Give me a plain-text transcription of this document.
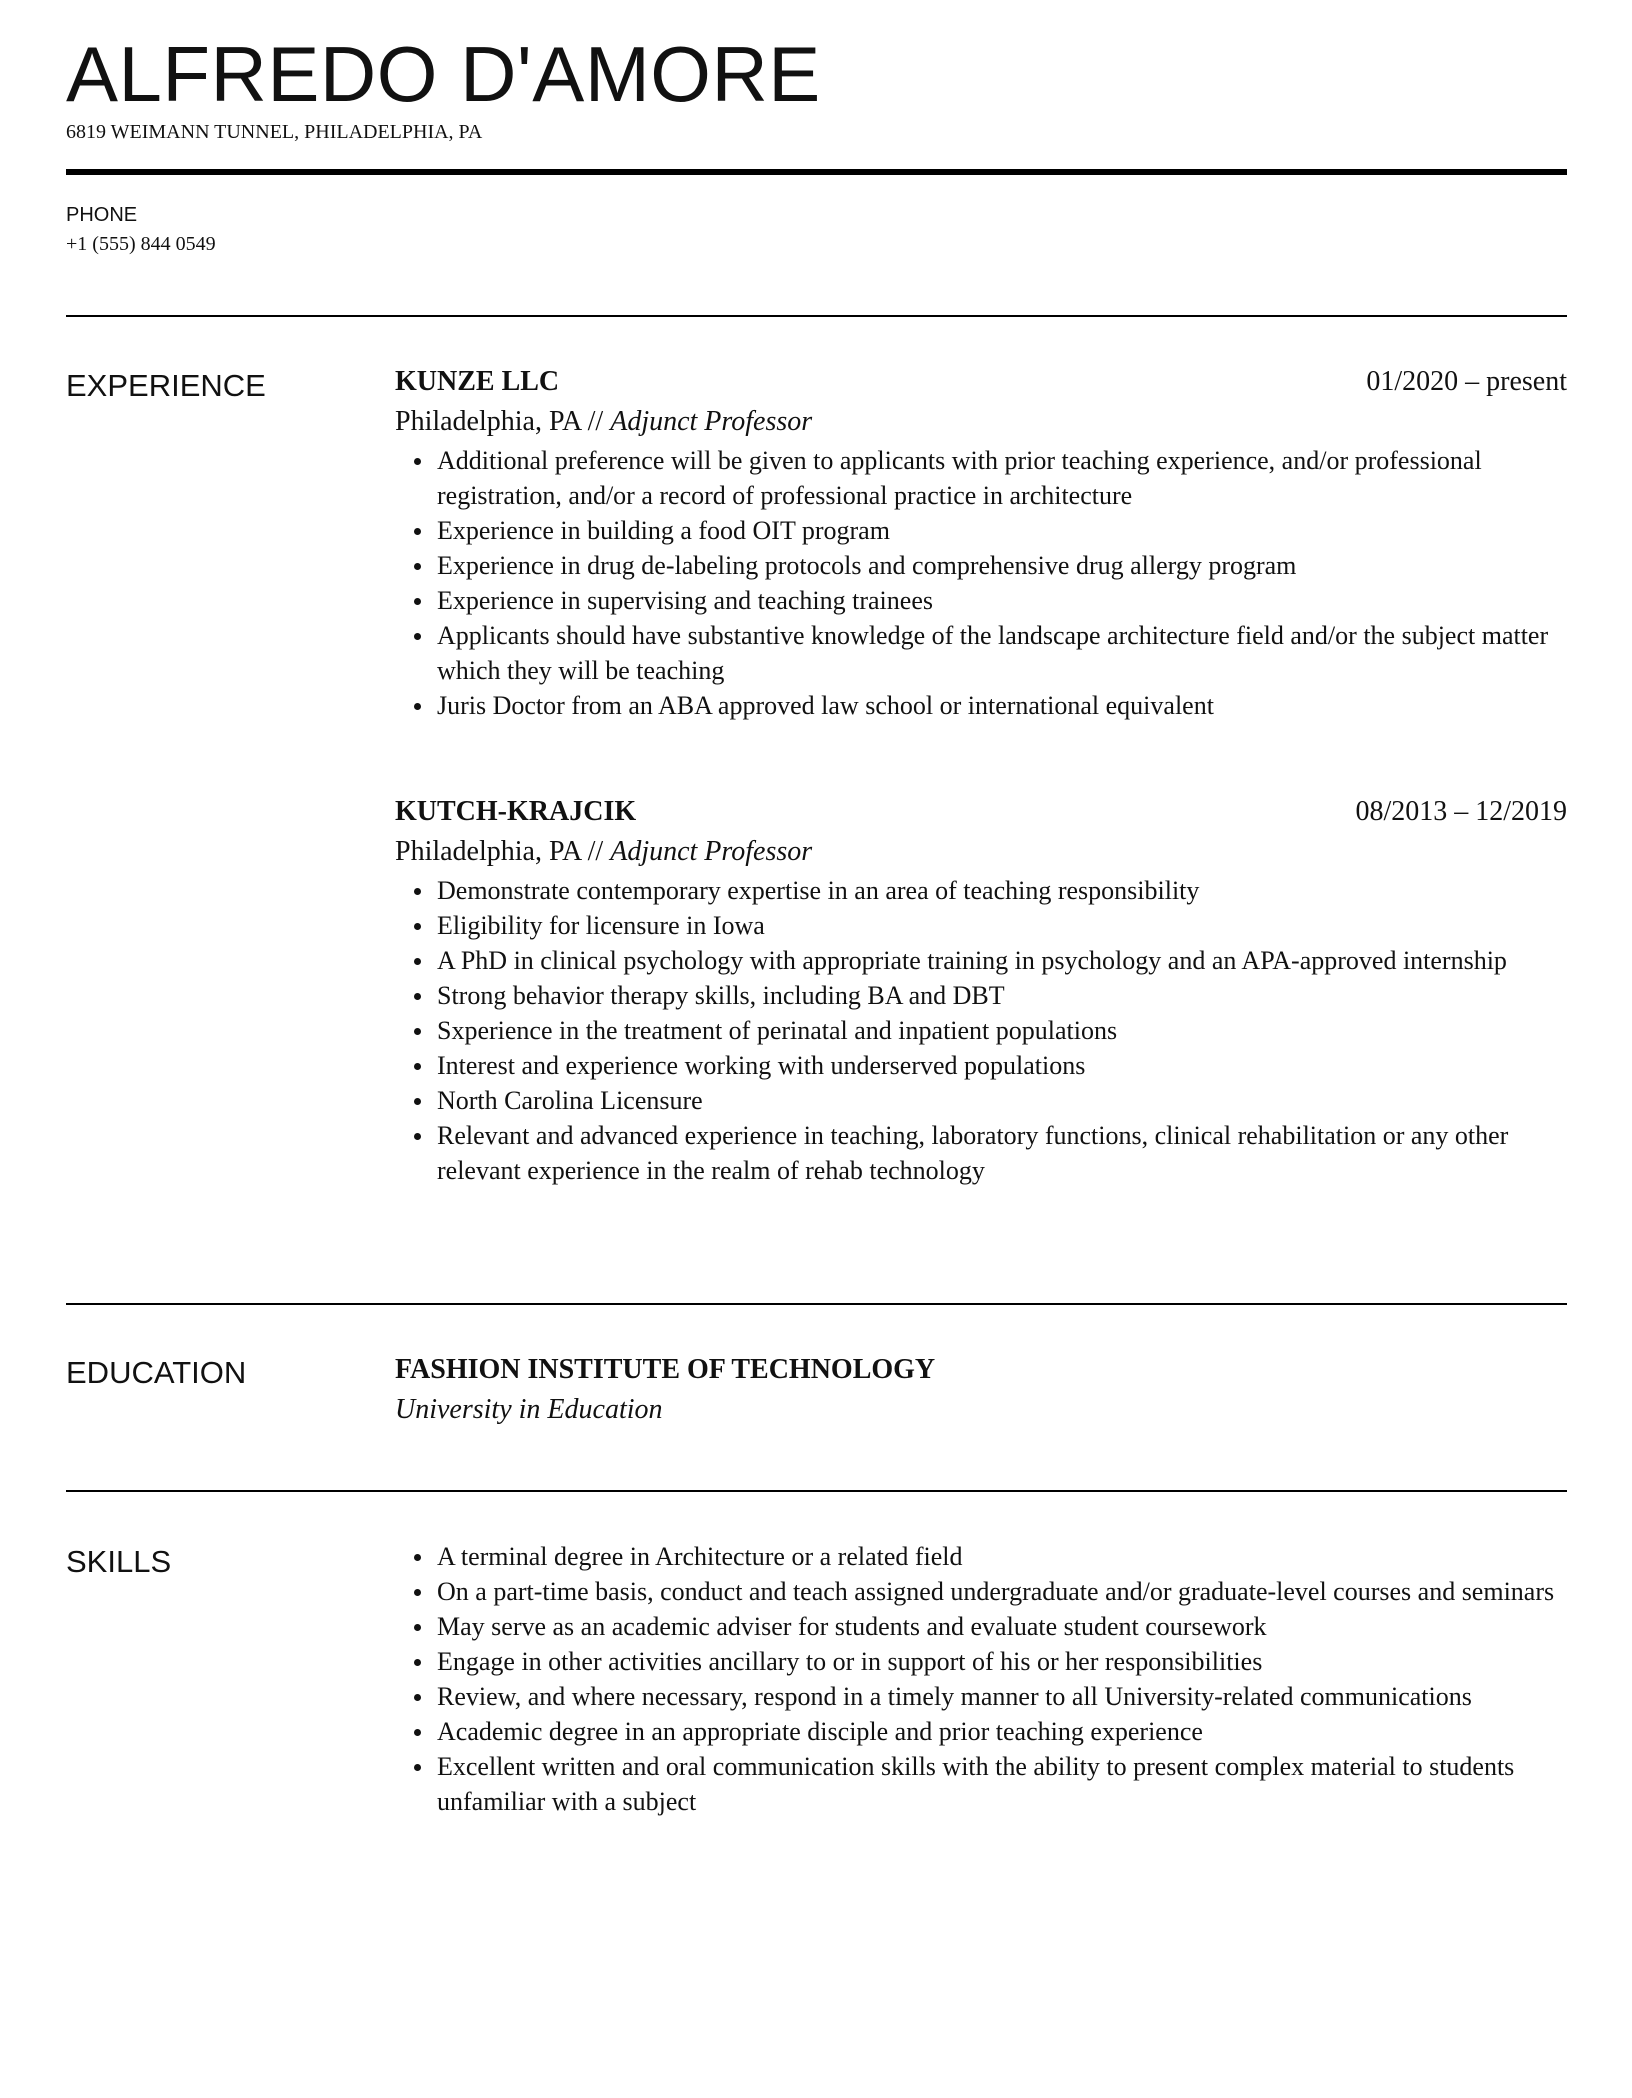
ALFREDO D'AMORE
6819 WEIMANN TUNNEL, PHILADELPHIA, PA
PHONE
+1 (555) 844 0549
EXPERIENCE	KUNZE LLC	01/2020 – present
Philadelphia, PA // Adjunct Professor
Additional preference will be given to applicants with prior teaching experience, and/or professional registration, and/or a record of professional practice in architecture
Experience in building a food OIT program
Experience in drug de-labeling protocols and comprehensive drug allergy program
Experience in supervising and teaching trainees
Applicants should have substantive knowledge of the landscape architecture field and/or the subject matter which they will be teaching
Juris Doctor from an ABA approved law school or international equivalent
KUTCH-KRAJCIK	08/2013 – 12/2019
Philadelphia, PA // Adjunct Professor
Demonstrate contemporary expertise in an area of teaching responsibility
Eligibility for licensure in Iowa
A PhD in clinical psychology with appropriate training in psychology and an APA-approved internship
Strong behavior therapy skills, including BA and DBT
Sxperience in the treatment of perinatal and inpatient populations
Interest and experience working with underserved populations
North Carolina Licensure
Relevant and advanced experience in teaching, laboratory functions, clinical rehabilitation or any other relevant experience in the realm of rehab technology
EDUCATION	FASHION INSTITUTE OF TECHNOLOGY
University in Education
SKILLS	A terminal degree in Architecture or a related field
On a part-time basis, conduct and teach assigned undergraduate and/or graduate-level courses and seminars
May serve as an academic adviser for students and evaluate student coursework
Engage in other activities ancillary to or in support of his or her responsibilities
Review, and where necessary, respond in a timely manner to all University-related communications
Academic degree in an appropriate disciple and prior teaching experience
Excellent written and oral communication skills with the ability to present complex material to students unfamiliar with a subject
